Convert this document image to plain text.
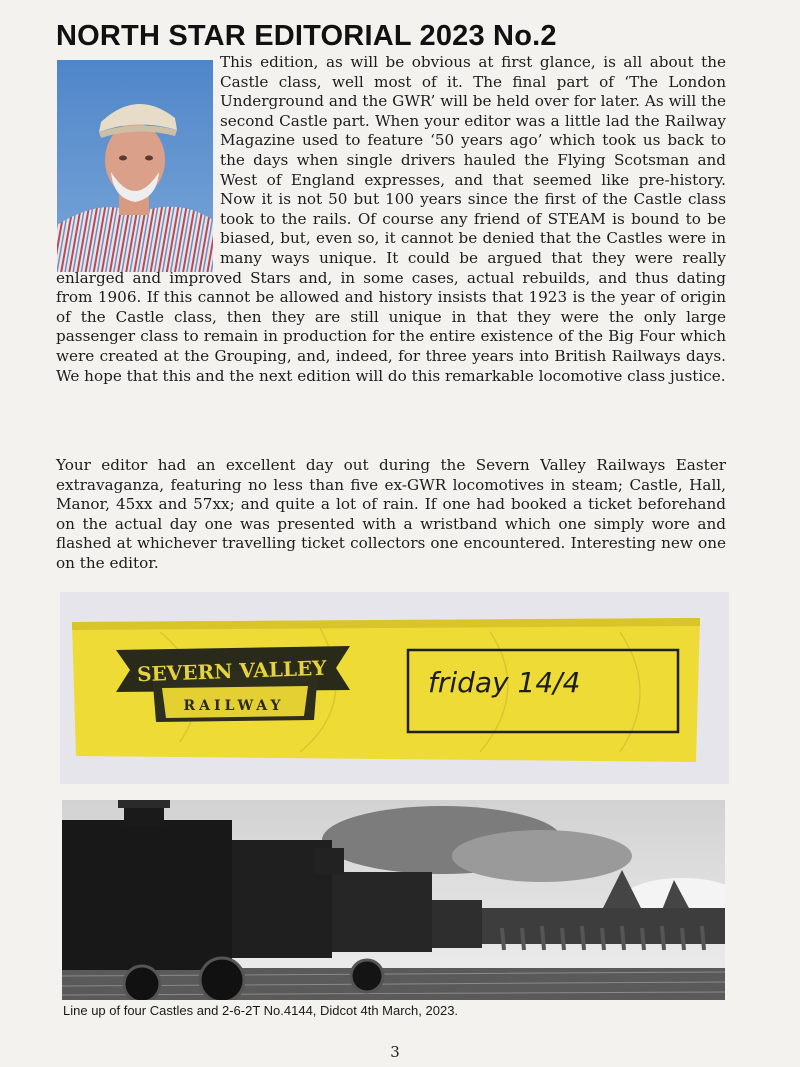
NORTH STAR EDITORIAL 2023 No.2
This edition, as will be obvious at first glance, is all about the Castle class, well most of it. The final part of ‘The London Underground and the GWR’ will be held over for later. As will the second Castle part. When your editor was a little lad the Railway Magazine used to feature ‘50 years ago’ which took us back to the days when single drivers hauled the Flying Scotsman and West of England expresses, and that seemed like pre-history. Now it is not 50 but 100 years since the first of the Castle class took to the rails. Of course any friend of STEAM is bound to be biased, but, even so, it cannot be denied that the Castles were in many ways unique. It could be argued that they were really enlarged and improved Stars and, in some cases, actual rebuilds, and thus dating from 1906. If this cannot be allowed and history insists that 1923 is the year of origin of the Castle class, then they are still unique in that they were the only large passenger class to remain in production for the entire existence of the Big Four which were created at the Grouping, and, indeed, for three years into British Railways days. We hope that this and the next edition will do this remarkable locomotive class justice.
Your editor had an excellent day out during the Severn Valley Railways Easter extravaganza, featuring no less than five ex-GWR locomotives in steam; Castle, Hall, Manor, 45xx and 57xx; and quite a lot of rain. If one had booked a ticket beforehand on the actual day one was presented with a wristband which one simply wore and flashed at whichever travelling ticket collectors one encountered. Interesting new one on the editor.
SEVERN VALLEY
RAILWAY
friday 14/4
Line up of four Castles and 2-6-2T No.4144, Didcot 4th March, 2023.
3
